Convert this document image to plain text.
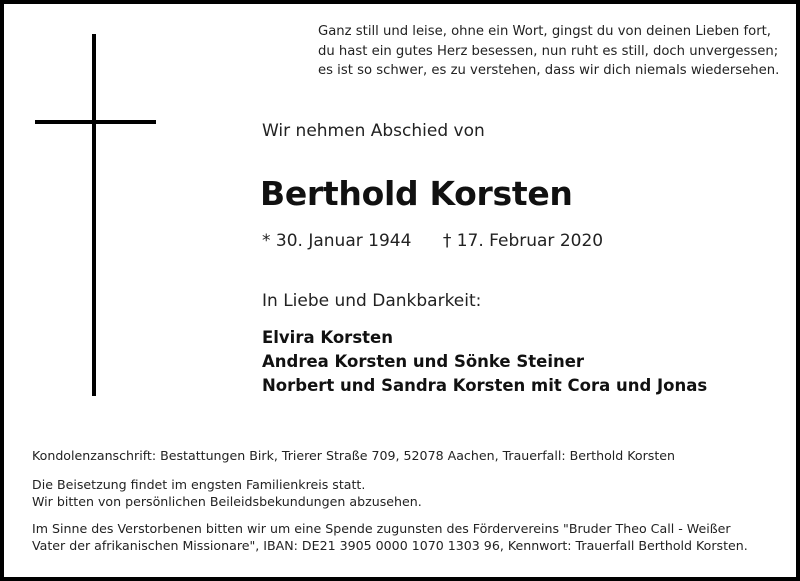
Ganz still und leise, ohne ein Wort, gingst du von deinen Lieben fort,
du hast ein gutes Herz besessen, nun ruht es still, doch unvergessen;
es ist so schwer, es zu verstehen, dass wir dich niemals wiedersehen.
Wir nehmen Abschied von
Berthold Korsten
* 30. Januar 1944 † 17. Februar 2020
In Liebe und Dankbarkeit:
Elvira Korsten
Andrea Korsten und Sönke Steiner
Norbert und Sandra Korsten mit Cora und Jonas
Kondolenzanschrift: Bestattungen Birk, Trierer Straße 709, 52078 Aachen, Trauerfall: Berthold Korsten
Die Beisetzung findet im engsten Familienkreis statt.
Wir bitten von persönlichen Beileidsbekundungen abzusehen.
Im Sinne des Verstorbenen bitten wir um eine Spende zugunsten des Fördervereins "Bruder Theo Call - Weißer
Vater der afrikanischen Missionare", IBAN: DE21 3905 0000 1070 1303 96, Kennwort: Trauerfall Berthold Korsten.
